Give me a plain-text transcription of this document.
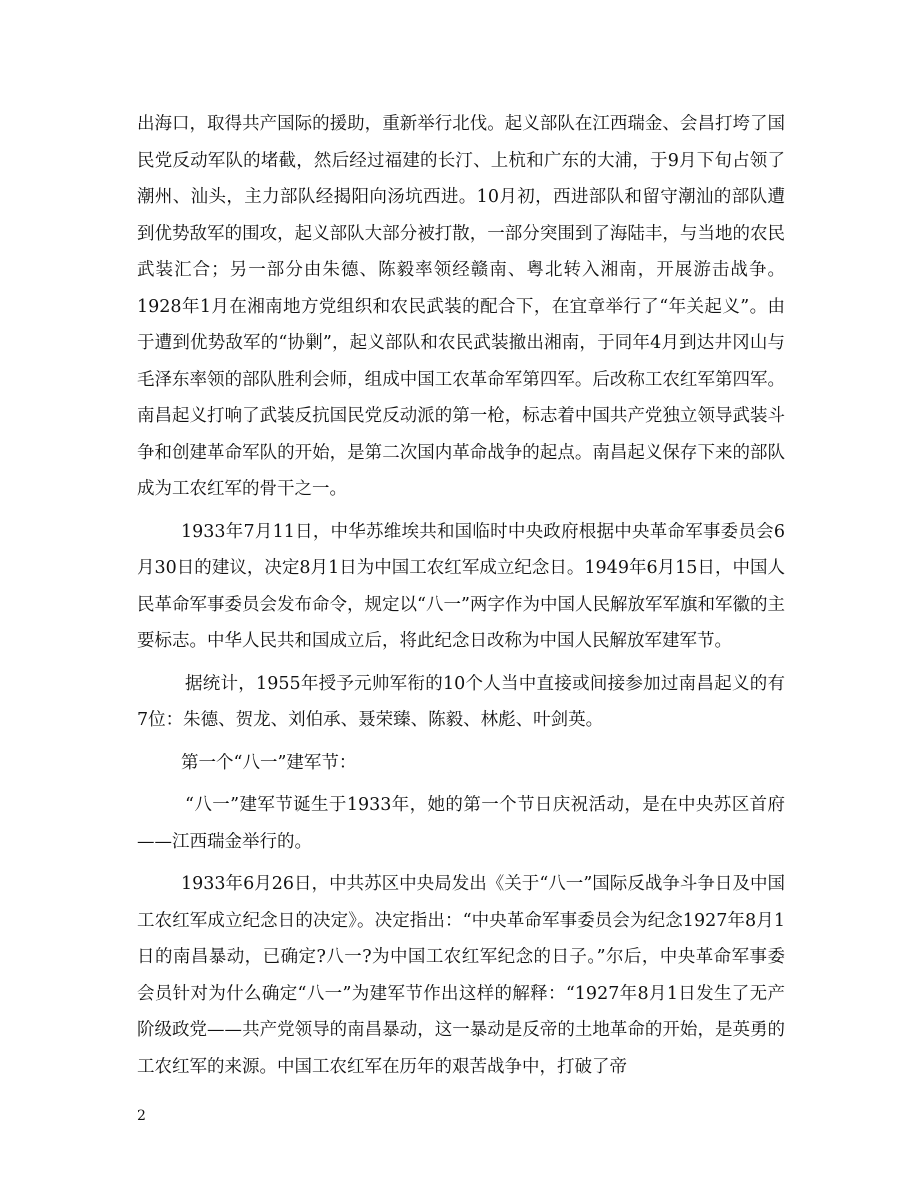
出海口，取得共产国际的援助，重新举行北伐。起义部队在江西瑞金、会昌打垮了国民党反动军队的堵截，然后经过福建的长汀、上杭和广东的大浦，于9月下旬占领了潮州、汕头，主力部队经揭阳向汤坑西进。10月初，西进部队和留守潮汕的部队遭到优势敌军的围攻，起义部队大部分被打散，一部分突围到了海陆丰，与当地的农民武装汇合；另一部分由朱德、陈毅率领经赣南、粤北转入湘南，开展游击战争。1928年1月在湘南地方党组织和农民武装的配合下，在宜章举行了“年关起义”。由于遭到优势敌军的“协剿”，起义部队和农民武装撤出湘南，于同年4月到达井冈山与毛泽东率领的部队胜利会师，组成中国工农革命军第四军。后改称工农红军第四军。南昌起义打响了武装反抗国民党反动派的第一枪，标志着中国共产党独立领导武装斗争和创建革命军队的开始，是第二次国内革命战争的起点。南昌起义保存下来的部队成为工农红军的骨干之一。

1933年7月11日，中华苏维埃共和国临时中央政府根据中央革命军事委员会6月30日的建议，决定8月1日为中国工农红军成立纪念日。1949年6月15日，中国人民革命军事委员会发布命令，规定以“八一”两字作为中国人民解放军军旗和军徽的主要标志。中华人民共和国成立后，将此纪念日改称为中国人民解放军建军节。

据统计，1955年授予元帅军衔的10个人当中直接或间接参加过南昌起义的有7位：朱德、贺龙、刘伯承、聂荣臻、陈毅、林彪、叶剑英。

第一个“八一”建军节：

“八一”建军节诞生于1933年，她的第一个节日庆祝活动，是在中央苏区首府——江西瑞金举行的。

1933年6月26日，中共苏区中央局发出《关于“八一”国际反战争斗争日及中国工农红军成立纪念日的决定》。决定指出：“中央革命军事委员会为纪念1927年8月1日的南昌暴动，已确定?八一?为中国工农红军纪念的日子。”尔后，中央革命军事委会员针对为什么确定“八一”为建军节作出这样的解释：“1927年8月1日发生了无产阶级政党——共产党领导的南昌暴动，这一暴动是反帝的土地革命的开始，是英勇的工农红军的来源。中国工农红军在历年的艰苦战争中，打破了帝

2
